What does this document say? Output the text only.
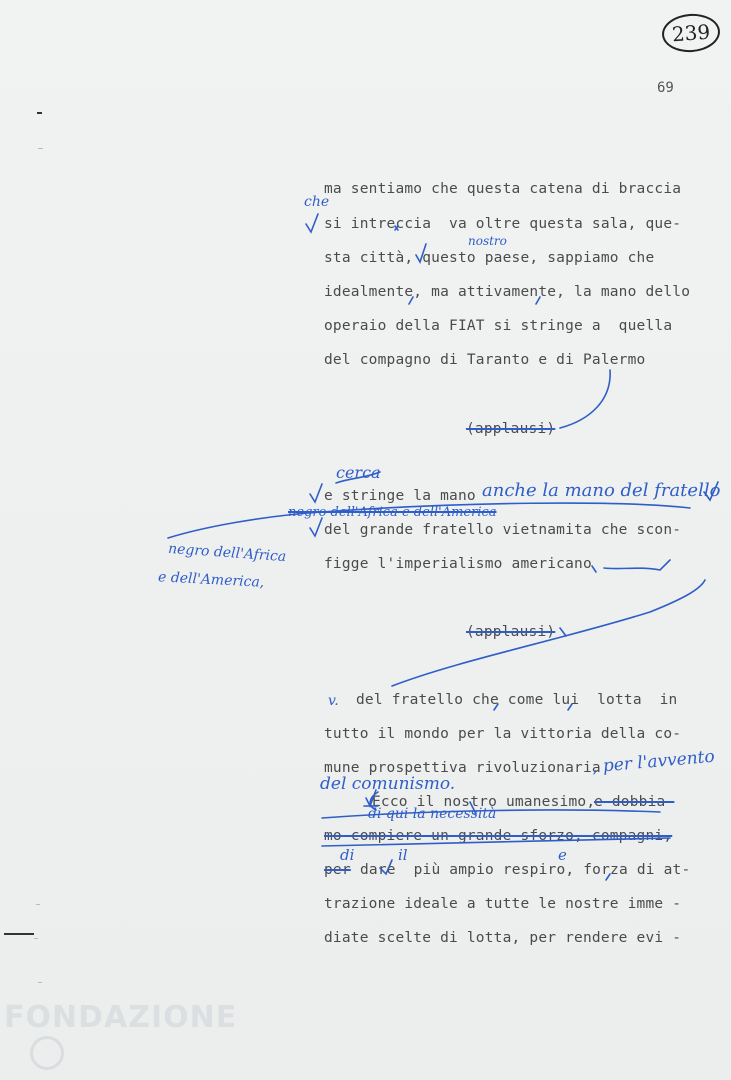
239
69
ma sentiamo che questa catena di braccia
si intreccia  va oltre questa sala, que-
sta città, questo paese, sappiamo che
idealmente, ma attivamente, la mano dello
operaio della FIAT si stringe a  quella
del compagno di Taranto e di Palermo
(applausi)
e stringe la mano
del grande fratello vietnamita che scon-
figge l'imperialismo americano
(applausi)
del fratello che come lui  lotta  in
tutto il mondo per la vittoria della co-
mune prospettiva rivoluzionaria
Ecco il nostro umanesimo,
e dobbia-
mo compiere un grande sforzo, compagni,
per dare  più ampio respiro, forza di at-
trazione ideale a tutte le nostre imme -
diate scelte di lotta, per rendere evi -
che
nostro
cerca
anche la mano del fratello
negro dell'Africa e dell'America
negro dell'Africa
e dell'America,
v.
, per l'avvento
del comunismo.
di qui la necessità
di	il	e
FONDAZIONE
